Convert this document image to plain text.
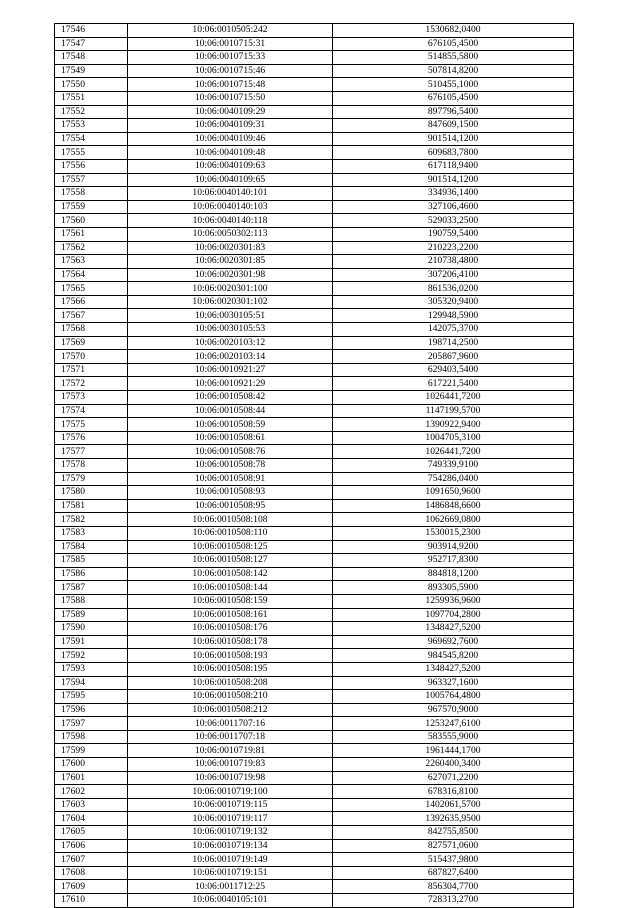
17546	10:06:0010505:242	1530682,0400
17547	10:06:0010715:31	676105,4500
17548	10:06:0010715:33	514855,5800
17549	10:06:0010715:46	507814,8200
17550	10:06:0010715:48	510455,1000
17551	10:06:0010715:50	676105,4500
17552	10:06:0040109:29	897796,5400
17553	10:06:0040109:31	847609,1500
17554	10:06:0040109:46	901514,1200
17555	10:06:0040109:48	609683,7800
17556	10:06:0040109:63	617118,9400
17557	10:06:0040109:65	901514,1200
17558	10:06:0040140:101	334936,1400
17559	10:06:0040140:103	327106,4600
17560	10:06:0040140:118	529033,2500
17561	10:06:0050302:113	190759,5400
17562	10:06:0020301:83	210223,2200
17563	10:06:0020301:85	210738,4800
17564	10:06:0020301:98	307206,4100
17565	10:06:0020301:100	861536,0200
17566	10:06:0020301:102	305320,9400
17567	10:06:0030105:51	129948,5900
17568	10:06:0030105:53	142075,3700
17569	10:06:0020103:12	198714,2500
17570	10:06:0020103:14	205867,9600
17571	10:06:0010921:27	629403,5400
17572	10:06:0010921:29	617221,5400
17573	10:06:0010508:42	1026441,7200
17574	10:06:0010508:44	1147199,5700
17575	10:06:0010508:59	1390922,9400
17576	10:06:0010508:61	1004705,3100
17577	10:06:0010508:76	1026441,7200
17578	10:06:0010508:78	749339,9100
17579	10:06:0010508:91	754286,0400
17580	10:06:0010508:93	1091650,9600
17581	10:06:0010508:95	1486848,6600
17582	10:06:0010508:108	1062669,0800
17583	10:06:0010508:110	1530015,2300
17584	10:06:0010508:125	903914,9200
17585	10:06:0010508:127	952717,8300
17586	10:06:0010508:142	884818,1200
17587	10:06:0010508:144	893305,5900
17588	10:06:0010508:159	1259936,9600
17589	10:06:0010508:161	1097704,2800
17590	10:06:0010508:176	1348427,5200
17591	10:06:0010508:178	969692,7600
17592	10:06:0010508:193	984545,8200
17593	10:06:0010508:195	1348427,5200
17594	10:06:0010508:208	963327,1600
17595	10:06:0010508:210	1005764,4800
17596	10:06:0010508:212	967570,9000
17597	10:06:0011707:16	1253247,6100
17598	10:06:0011707:18	583555,9000
17599	10:06:0010719:81	1961444,1700
17600	10:06:0010719:83	2260400,3400
17601	10:06:0010719:98	627071,2200
17602	10:06:0010719:100	678316,8100
17603	10:06:0010719:115	1402061,5700
17604	10:06:0010719:117	1392635,9500
17605	10:06:0010719:132	842755,8500
17606	10:06:0010719:134	827571,0600
17607	10:06:0010719:149	515437,9800
17608	10:06:0010719:151	687827,6400
17609	10:06:0011712:25	856304,7700
17610	10:06:0040105:101	728313,2700
